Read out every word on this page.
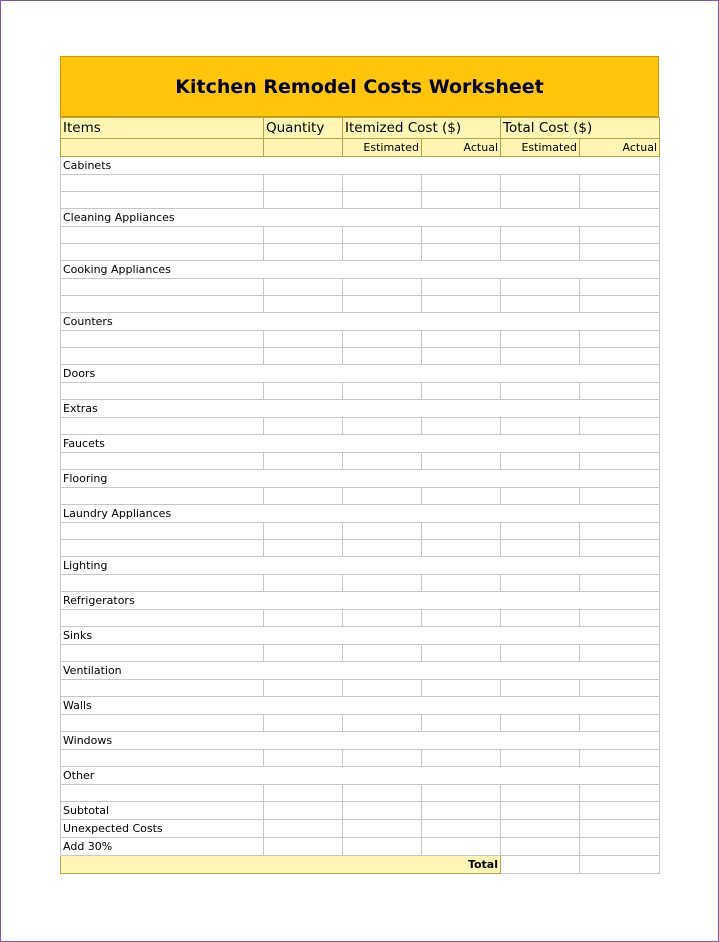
Kitchen Remodel Costs Worksheet
Items	Quantity	Itemized Cost ($)		Total Cost ($)	
		Estimated	Actual	Estimated	Actual
Cabinets					

Cleaning Appliances					

Cooking Appliances					

Counters					

Doors					

Extras					

Faucets					

Flooring					

Laundry Appliances					

Lighting					

Refrigerators					

Sinks					

Ventilation					

Walls					

Windows					

Other					

Subtotal					
Unexpected Costs					
Add 30%					
Total					
